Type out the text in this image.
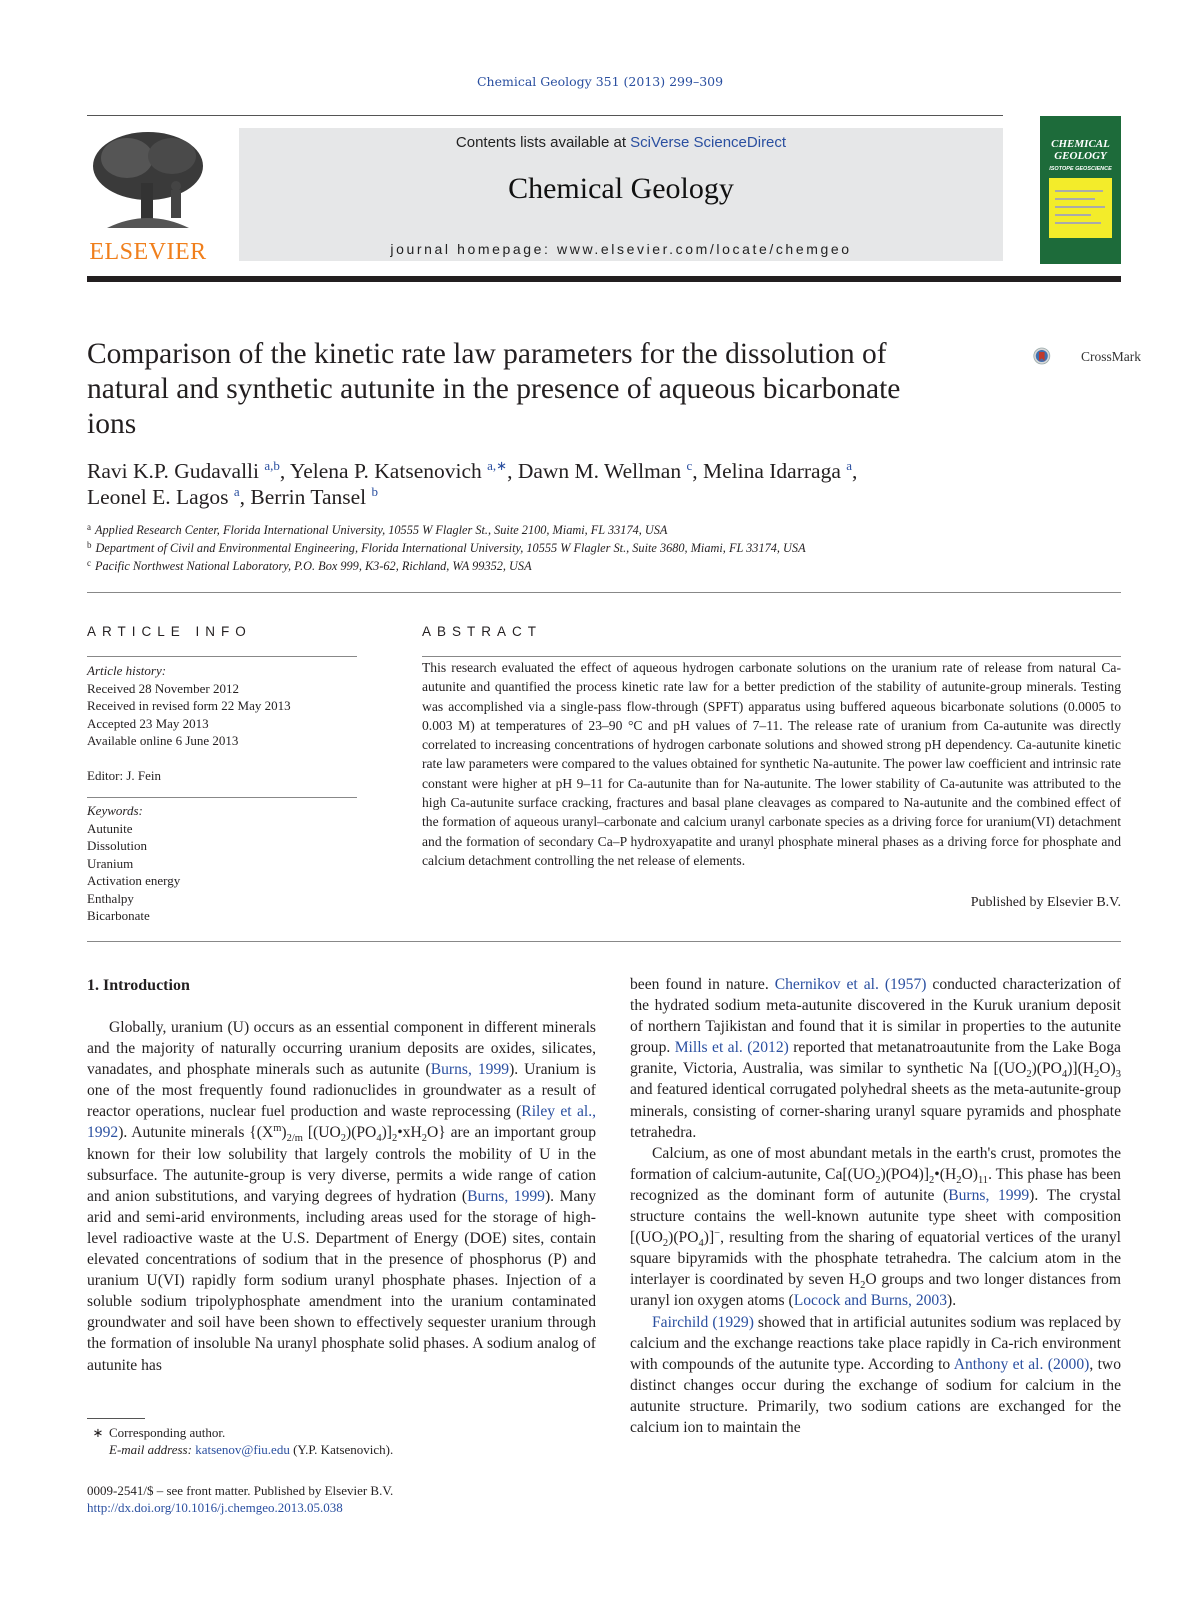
Chemical Geology 351 (2013) 299–309
ELSEVIER
Contents lists available at SciVerse ScienceDirect
Chemical Geology
journal homepage: www.elsevier.com/locate/chemgeo
CHEMICAL GEOLOGY
ISOTOPE GEOSCIENCE
Comparison of the kinetic rate law parameters for the dissolution of natural and synthetic autunite in the presence of aqueous bicarbonate ions
CrossMark
Ravi K.P. Gudavalli $^{a,b}$, Yelena P. Katsenovich $^{a,∗}$, Dawn M. Wellman $^c$, Melina Idarraga $^a$,
Leonel E. Lagos $^a$, Berrin Tansel $^b$
$^a$ Applied Research Center, Florida International University, 10555 W Flagler St., Suite 2100, Miami, FL 33174, USA
$^b$ Department of Civil and Environmental Engineering, Florida International University, 10555 W Flagler St., Suite 3680, Miami, FL 33174, USA
$^c$ Pacific Northwest National Laboratory, P.O. Box 999, K3-62, Richland, WA 99352, USA
ARTICLE INFO
Article history:
Received 28 November 2012
Received in revised form 22 May 2013
Accepted 23 May 2013
Available online 6 June 2013
Editor: J. Fein
Keywords:
Autunite
Dissolution
Uranium
Activation energy
Enthalpy
Bicarbonate
ABSTRACT
This research evaluated the effect of aqueous hydrogen carbonate solutions on the uranium rate of release from natural Ca-autunite and quantified the process kinetic rate law for a better prediction of the stability of autunite-group minerals. Testing was accomplished via a single-pass flow-through (SPFT) apparatus using buffered aqueous bicarbonate solutions (0.0005 to 0.003 M) at temperatures of 23–90 °C and pH values of 7–11. The release rate of uranium from Ca-autunite was directly correlated to increasing concentrations of hydrogen carbonate solutions and showed strong pH dependency. Ca-autunite kinetic rate law parameters were compared to the values obtained for synthetic Na-autunite. The power law coefficient and intrinsic rate constant were higher at pH 9–11 for Ca-autunite than for Na-autunite. The lower stability of Ca-autunite was attributed to the high Ca-autunite surface cracking, fractures and basal plane cleavages as compared to Na-autunite and the combined effect of the formation of aqueous uranyl–carbonate and calcium uranyl carbonate species as a driving force for uranium(VI) detachment and the formation of secondary Ca–P hydroxyapatite and uranyl phosphate mineral phases as a driving force for phosphate and calcium detachment controlling the net release of elements.
Published by Elsevier B.V.
1. Introduction

Globally, uranium (U) occurs as an essential component in different minerals and the majority of naturally occurring uranium deposits are oxides, silicates, vanadates, and phosphate minerals such as autunite (Burns, 1999). Uranium is one of the most frequently found radionuclides in groundwater as a result of reactor operations, nuclear fuel production and waste reprocessing (Riley et al., 1992). Autunite minerals {$(X^m)_{2/m}$ $[(UO_2)(PO_4)]_2•xH_2O$} are an important group known for their low solubility that largely controls the mobility of U in the subsurface. The autunite-group is very diverse, permits a wide range of cation and anion substitutions, and varying degrees of hydration (Burns, 1999). Many arid and semi-arid environments, including areas used for the storage of high-level radioactive waste at the U.S. Department of Energy (DOE) sites, contain elevated concentrations of sodium that in the presence of phosphorus (P) and uranium U(VI) rapidly form sodium uranyl phosphate phases. Injection of a soluble sodium tripolyphosphate amendment into the uranium contaminated groundwater and soil have been shown to effectively sequester uranium through the formation of insoluble Na uranyl phosphate solid phases. A sodium analog of autunite has

been found in nature. Chernikov et al. (1957) conducted characterization of the hydrated sodium meta-autunite discovered in the Kuruk uranium deposit of northern Tajikistan and found that it is similar in properties to the autunite group. Mills et al. (2012) reported that metanatroautunite from the Lake Boga granite, Victoria, Australia, was similar to synthetic Na $[(UO_2)(PO_4)](H_2O)_3$ and featured identical corrugated polyhedral sheets as the meta-autunite-group minerals, consisting of corner-sharing uranyl square pyramids and phosphate tetrahedra.

Calcium, as one of most abundant metals in the earth's crust, promotes the formation of calcium-autunite, $Ca[(UO_2)(PO4)]_2•(H_2O)_{11}$. This phase has been recognized as the dominant form of autunite (Burns, 1999). The crystal structure contains the well-known autunite type sheet with composition $[(UO_2)(PO_4)]^-$, resulting from the sharing of equatorial vertices of the uranyl square bipyramids with the phosphate tetrahedra. The calcium atom in the interlayer is coordinated by seven $H_2O$ groups and two longer distances from uranyl ion oxygen atoms (Locock and Burns, 2003).

Fairchild (1929) showed that in artificial autunites sodium was replaced by calcium and the exchange reactions take place rapidly in Ca-rich environment with compounds of the autunite type. According to Anthony et al. (2000), two distinct changes occur during the exchange of sodium for calcium in the autunite structure. Primarily, two sodium cations are exchanged for the calcium ion to maintain the

∗ Corresponding author.
E-mail address: katsenov@fiu.edu (Y.P. Katsenovich).
0009-2541/$ – see front matter. Published by Elsevier B.V.
http://dx.doi.org/10.1016/j.chemgeo.2013.05.038
